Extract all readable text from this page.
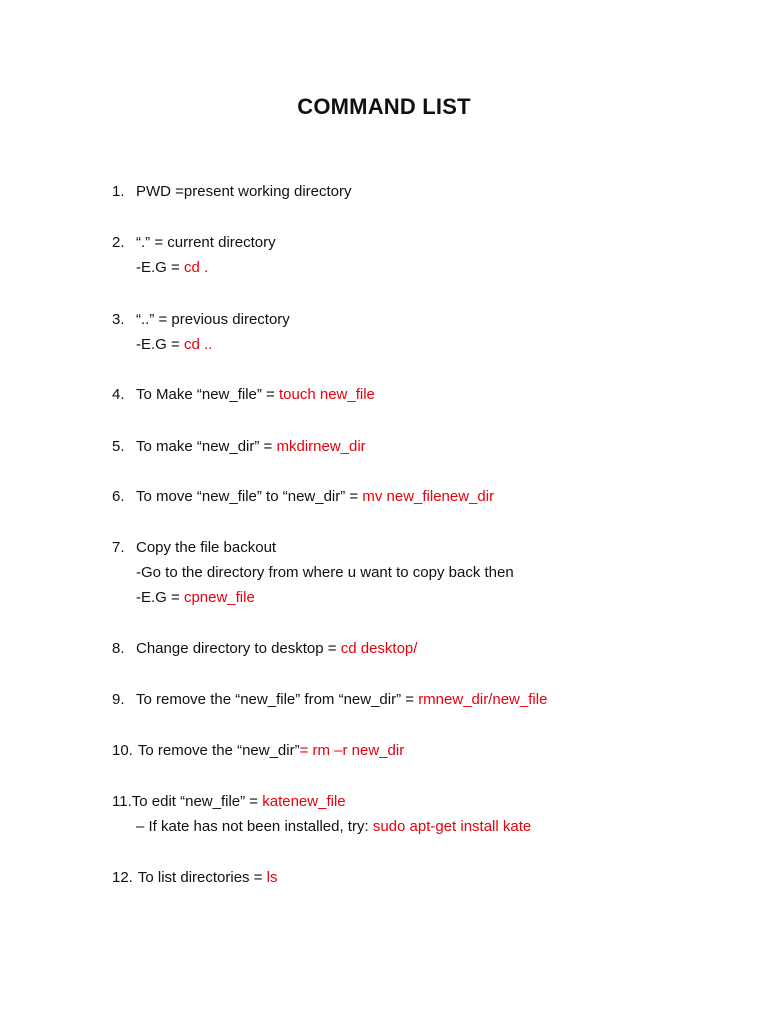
COMMAND LIST
1. PWD =present working directory
2. “.” = current directory
-E.G = cd .
3. “..” = previous directory
-E.G = cd ..
4. To Make “new_file” = touch new_file
5. To make “new_dir” = mkdirnew_dir
6. To move “new_file” to “new_dir” = mv new_filenew_dir
7. Copy the file backout
-Go to the directory from where u want to copy back then
-E.G = cpnew_file
8. Change directory to desktop = cd desktop/
9. To remove the “new_file” from “new_dir” = rmnew_dir/new_file
10. To remove the “new_dir”= rm –r new_dir
11.To edit “new_file” = katenew_file
– If kate has not been installed, try: sudo apt-get install kate
12. To list directories = ls
